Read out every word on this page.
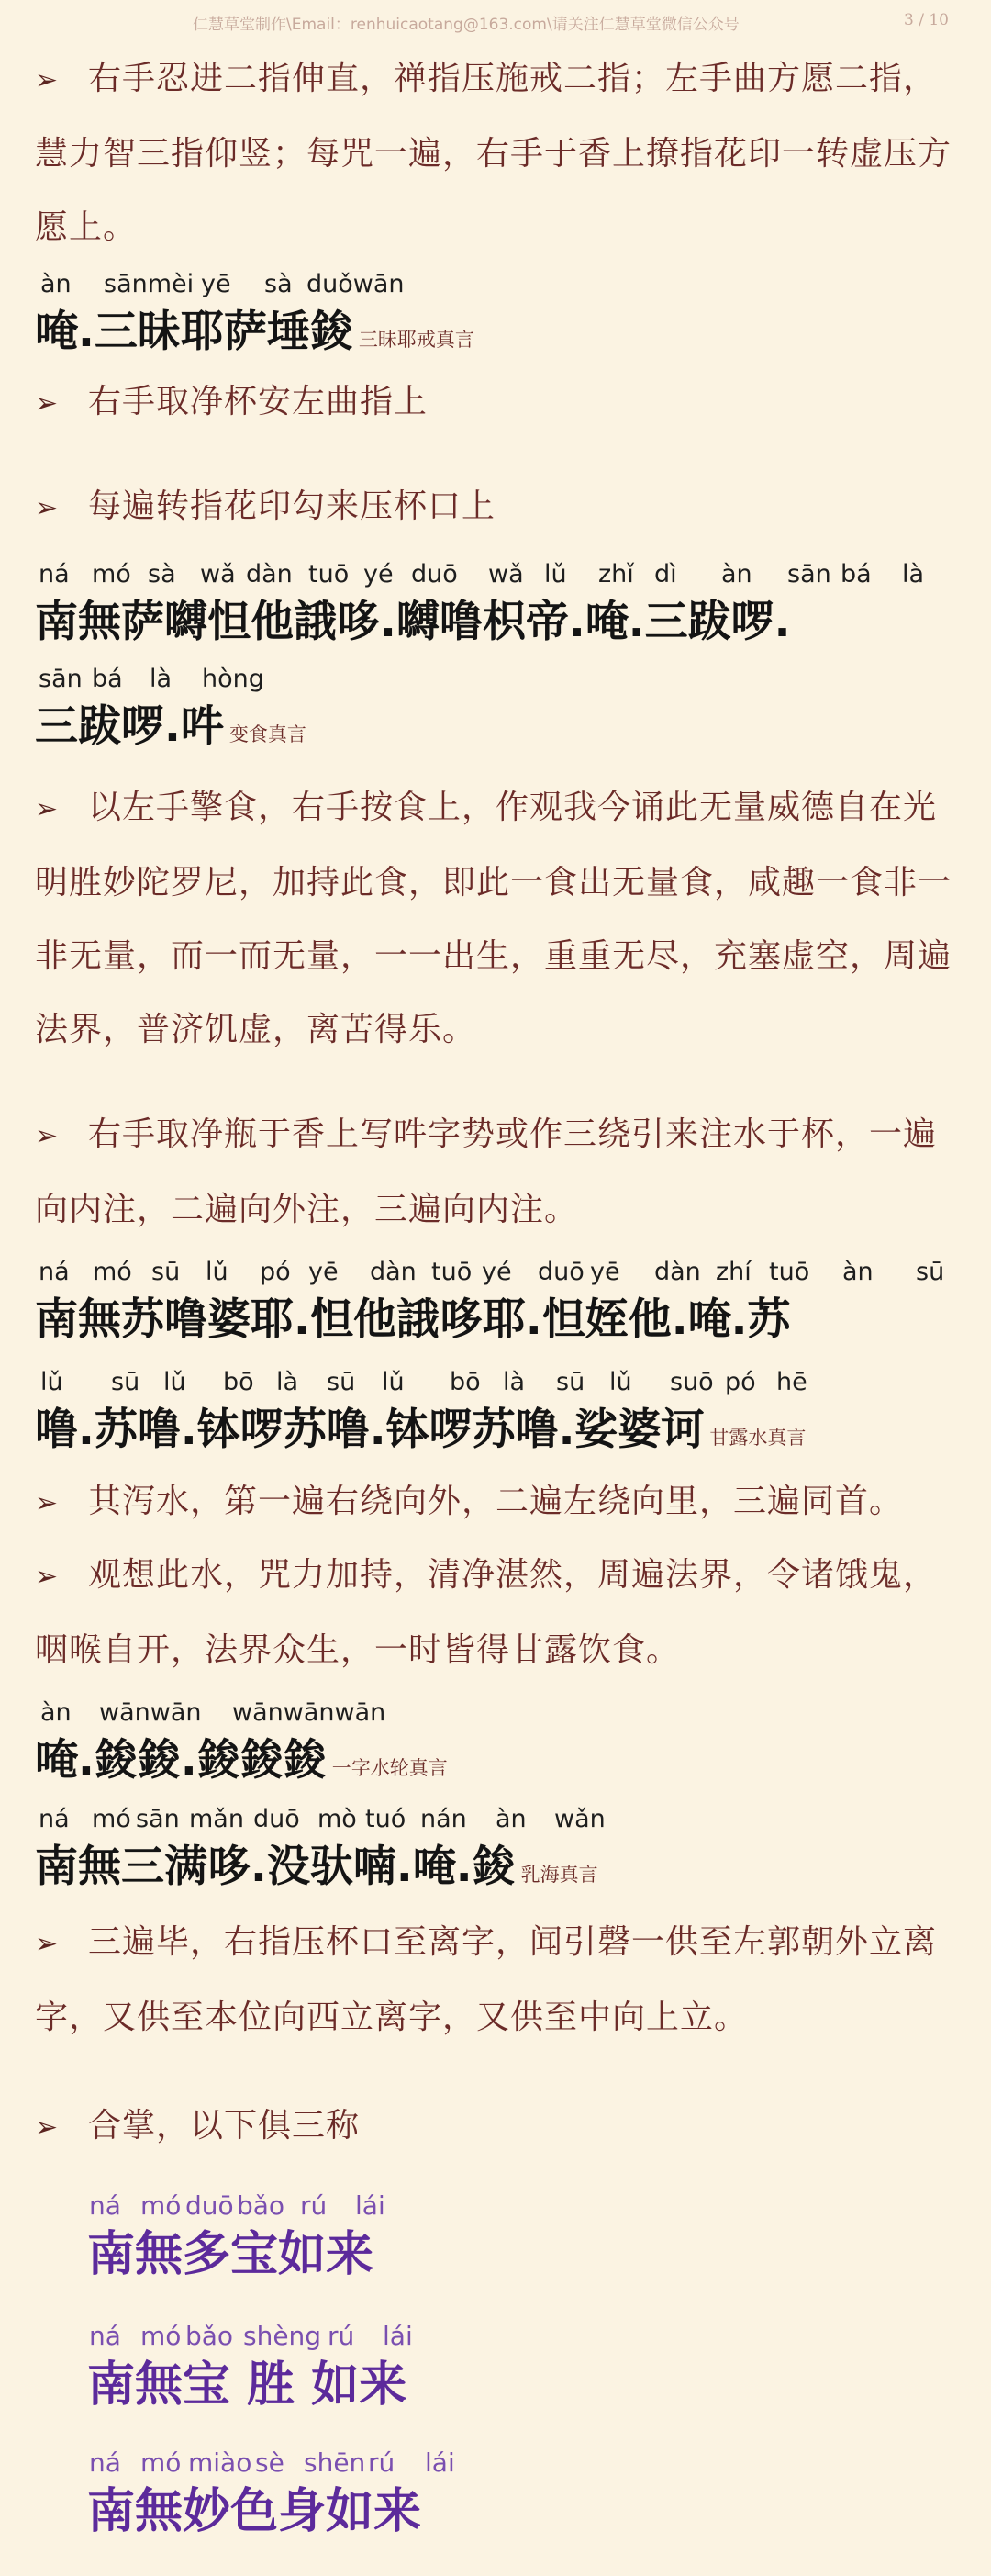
仁慧草堂制作\Email：renhuicaotang@163.com\请关注仁慧草堂微信公众号	3 / 10
➢ 右手忍进二指伸直，禅指压施戒二指；左手曲方愿二指，慧力智三指仰竖；每咒一遍，右手于香上撩指花印一转虚压方愿上。
àn sānmèi yē sà duǒwān
唵.三昧耶萨埵鋑 三昧耶戒真言
➢ 右手取净杯安左曲指上
➢ 每遍转指花印勾来压杯口上
ná mó sà wǎ dàn tuō yé duō wǎ lǔ zhǐ dì àn sān bá là
南無萨嚩怛他誐哆.嚩噜枳帝.唵.三跋啰.
sān bá là hòng
三跋啰.吽 变食真言
➢ 以左手擎食，右手按食上，作观我今诵此无量威德自在光明胜妙陀罗尼，加持此食，即此一食出无量食，咸趣一食非一非无量，而一而无量，一一出生，重重无尽，充塞虚空，周遍法界，普济饥虚，离苦得乐。
➢ 右手取净瓶于香上写吽字势或作三绕引来注水于杯，一遍向内注，二遍向外注，三遍向内注。
ná mó sū lǔ pó yē dàn tuō yé duō yē dàn zhí tuō àn sū
南無苏噜婆耶.怛他誐哆耶.怛姪他.唵.苏
lǔ sū lǔ bō là sū lǔ bō là sū lǔ suō pó hē
噜.苏噜.钵啰苏噜.钵啰苏噜.娑婆诃 甘露水真言
➢ 其泻水，第一遍右绕向外，二遍左绕向里，三遍同首。
➢ 观想此水，咒力加持，清净湛然，周遍法界，令诸饿鬼，咽喉自开，法界众生，一时皆得甘露饮食。
àn wānwān wānwānwān
唵.鋑鋑.鋑鋑鋑 一字水轮真言
ná mó sān mǎn duō mò tuó nán àn wǎn
南無三满哆.没驮喃.唵.鋑 乳海真言
➢ 三遍毕，右指压杯口至离字，闻引磬一供至左郭朝外立离字，又供至本位向西立离字，又供至中向上立。
➢ 合掌，以下俱三称
ná mó duō bǎo rú lái
南無多宝如来
ná mó bǎo shèng rú lái
南無宝 胜 如来
ná mó miào sè shēn rú lái
南無妙色身如来
